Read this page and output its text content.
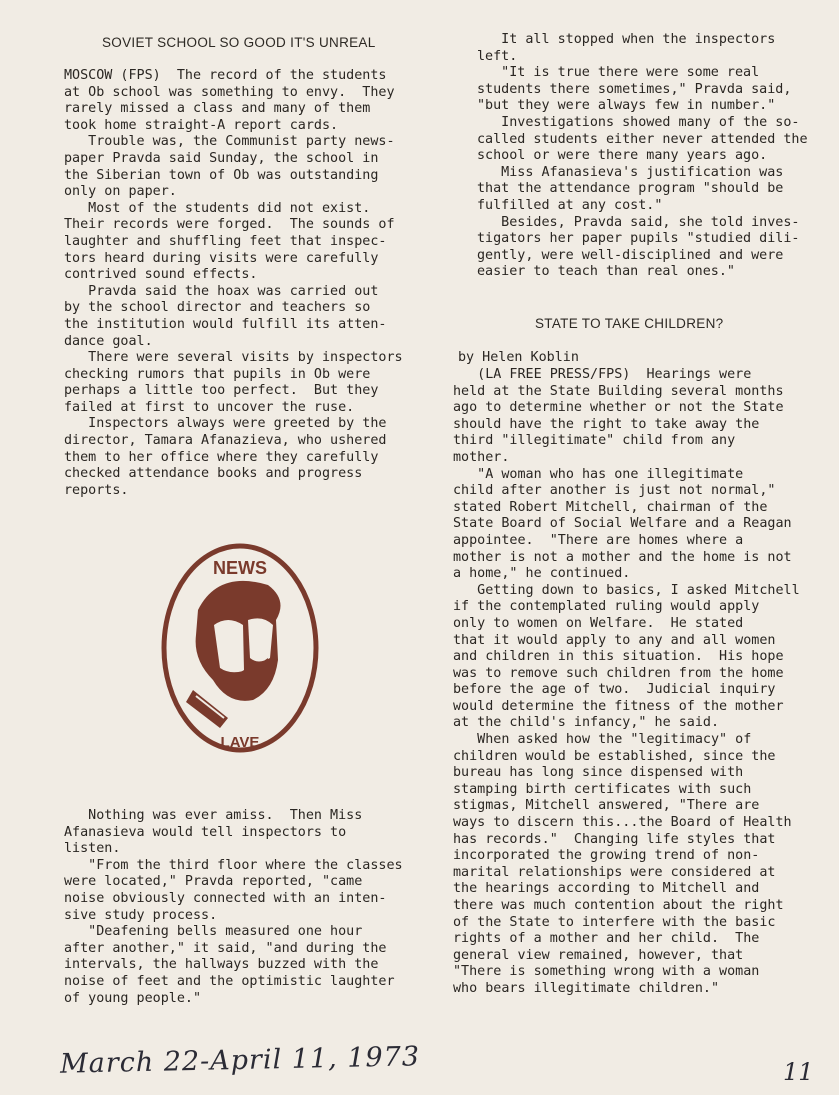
SOVIET SCHOOL SO GOOD IT'S UNREAL

MOSCOW (FPS)  The record of the students

at Ob school was something to envy.  They

rarely missed a class and many of them

took home straight-A report cards.

Trouble was, the Communist party news-

paper Pravda said Sunday, the school in

the Siberian town of Ob was outstanding

only on paper.

Most of the students did not exist.

Their records were forged.  The sounds of

laughter and shuffling feet that inspec-

tors heard during visits were carefully

contrived sound effects.

Pravda said the hoax was carried out

by the school director and teachers so

the institution would fulfill its atten-

dance goal.

There were several visits by inspectors

checking rumors that pupils in Ob were

perhaps a little too perfect.  But they

failed at first to uncover the ruse.

Inspectors always were greeted by the

director, Tamara Afanazieva, who ushered

them to her office where they carefully

checked attendance books and progress

reports.

NEWS
LAVE

Nothing was ever amiss.  Then Miss

Afanasieva would tell inspectors to

listen.

"From the third floor where the classes

were located," Pravda reported, "came

noise obviously connected with an inten-

sive study process.

"Deafening bells measured one hour

after another," it said, "and during the

intervals, the hallways buzzed with the

noise of feet and the optimistic laughter

of young people."

It all stopped when the inspectors

left.

"It is true there were some real

students there sometimes," Pravda said,

"but they were always few in number."

Investigations showed many of the so-

called students either never attended the

school or were there many years ago.

Miss Afanasieva's justification was

that the attendance program "should be

fulfilled at any cost."

Besides, Pravda said, she told inves-

tigators her paper pupils "studied dili-

gently, were well-disciplined and were

easier to teach than real ones."

STATE TO TAKE CHILDREN?

by Helen Koblin

(LA FREE PRESS/FPS)  Hearings were

held at the State Building several months

ago to determine whether or not the State

should have the right to take away the

third "illegitimate" child from any

mother.

"A woman who has one illegitimate

child after another is just not normal,"

stated Robert Mitchell, chairman of the

State Board of Social Welfare and a Reagan

appointee.  "There are homes where a

mother is not a mother and the home is not

a home," he continued.

Getting down to basics, I asked Mitchell

if the contemplated ruling would apply

only to women on Welfare.  He stated

that it would apply to any and all women

and children in this situation.  His hope

was to remove such children from the home

before the age of two.  Judicial inquiry

would determine the fitness of the mother

at the child's infancy," he said.

When asked how the "legitimacy" of

children would be established, since the

bureau has long since dispensed with

stamping birth certificates with such

stigmas, Mitchell answered, "There are

ways to discern this...the Board of Health

has records."  Changing life styles that

incorporated the growing trend of non-

marital relationships were considered at

the hearings according to Mitchell and

there was much contention about the right

of the State to interfere with the basic

rights of a mother and her child.  The

general view remained, however, that

"There is something wrong with a woman

who bears illegitimate children."

March 22-April 11, 1973	11
